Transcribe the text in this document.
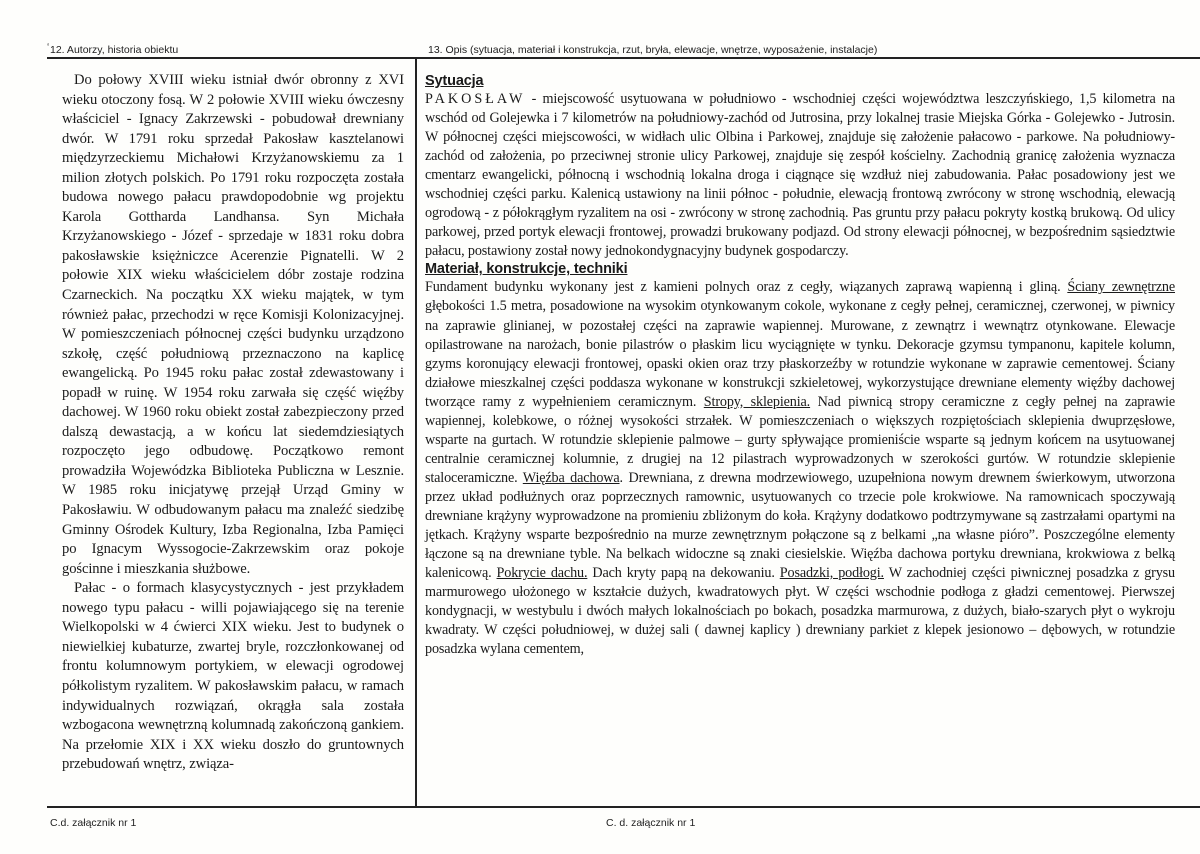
‘ 12. Autorzy, historia obiektu	13. Opis (sytuacja, materiał i konstrukcja, rzut, bryła, elewacje, wnętrze, wyposażenie, instalacje)

Do połowy XVIII wieku istniał dwór obronny z XVI wieku otoczony fosą. W 2 połowie XVIII wieku ówczesny właściciel - Ignacy Zakrzewski - pobudował drewniany dwór. W 1791 roku sprzedał Pakosław kasztelanowi międzyrzeckiemu Michałowi Krzyżanowskiemu za 1 milion złotych polskich. Po 1791 roku rozpoczęta została budowa nowego pałacu prawdopodobnie wg projektu Karola Gottharda Landhansa. Syn Michała Krzyżanowskiego - Józef - sprzedaje w 1831 roku dobra pakosławskie księżniczce Acerenzie Pignatelli. W 2 połowie XIX wieku właścicielem dóbr zostaje rodzina Czarneckich. Na początku XX wieku majątek, w tym również pałac, przechodzi w ręce Komisji Kolonizacyjnej. W pomieszczeniach północnej części budynku urządzono szkołę, część południową przeznaczono na kaplicę ewangelicką. Po 1945 roku pałac został zdewastowany i popadł w ruinę. W 1954 roku zarwała się część więźby dachowej. W 1960 roku obiekt został zabezpieczony przed dalszą dewastacją, a w końcu lat siedemdziesiątych rozpoczęto jego odbudowę. Początkowo remont prowadziła Wojewódzka Biblioteka Publiczna w Lesznie. W 1985 roku inicjatywę przejął Urząd Gminy w Pakosławiu. W odbudowanym pałacu ma znaleźć siedzibę Gminny Ośrodek Kultury, Izba Regionalna, Izba Pamięci po Ignacym Wyssogocie-Zakrzewskim oraz pokoje gościnne i mieszkania służbowe.

Pałac - o formach klasycystycznych - jest przykładem nowego typu pałacu - willi pojawiającego się na terenie Wielkopolski w 4 ćwierci XIX wieku. Jest to budynek o niewielkiej kubaturze, zwartej bryle, rozczłonkowanej od frontu kolumnowym portykiem, w elewacji ogrodowej półkolistym ryzalitem. W pakosławskim pałacu, w ramach indywidualnych rozwiązań, okrągła sala została wzbogacona wewnętrzną kolumnadą zakończoną gankiem. Na przełomie XIX i XX wieku doszło do gruntownych przebudowań wnętrz, związa-

Sytuacja

PAKOSŁAW - miejscowość usytuowana w południowo - wschodniej części województwa leszczyńskiego, 1,5 kilometra na wschód od Golejewka i 7 kilometrów na południowy-zachód od Jutrosina, przy lokalnej trasie Miejska Górka - Golejewko - Jutrosin. W północnej części miejscowości, w widłach ulic Olbina i Parkowej, znajduje się założenie pałacowo - parkowe. Na południowy-zachód od założenia, po przeciwnej stronie ulicy Parkowej, znajduje się zespół kościelny. Zachodnią granicę założenia wyznacza cmentarz ewangelicki, północną i wschodnią lokalna droga i ciągnące się wzdłuż niej zabudowania. Pałac posadowiony jest we wschodniej części parku. Kalenicą ustawiony na linii północ - południe, elewacją frontową zwrócony w stronę wschodnią, elewacją ogrodową - z półokrągłym ryzalitem na osi - zwrócony w stronę zachodnią. Pas gruntu przy pałacu pokryty kostką brukową. Od ulicy parkowej, przed portyk elewacji frontowej, prowadzi brukowany podjazd. Od strony elewacji północnej, w bezpośrednim sąsiedztwie pałacu, postawiony został nowy jednokondygnacyjny budynek gospodarczy.

Materiał, konstrukcje, techniki

Fundament budynku wykonany jest z kamieni polnych oraz z cegły, wiązanych zaprawą wapienną i gliną. Ściany zewnętrzne głębokości 1.5 metra, posadowione na wysokim otynkowanym cokole, wykonane z cegły pełnej, ceramicznej, czerwonej, w piwnicy na zaprawie glinianej, w pozostałej części na zaprawie wapiennej. Murowane, z zewnątrz i wewnątrz otynkowane. Elewacje opilastrowane na narożach, bonie pilastrów o płaskim licu wyciągnięte w tynku. Dekoracje gzymsu tympanonu, kapitele kolumn, gzyms koronujący elewacji frontowej, opaski okien oraz trzy płaskorzeźby w rotundzie wykonane w zaprawie cementowej. Ściany działowe mieszkalnej części poddasza wykonane w konstrukcji szkieletowej, wykorzystujące drewniane elementy więźby dachowej tworzące ramy z wypełnieniem ceramicznym. Stropy, sklepienia. Nad piwnicą stropy ceramiczne z cegły pełnej na zaprawie wapiennej, kolebkowe, o różnej wysokości strzałek. W pomieszczeniach o większych rozpiętościach sklepienia dwuprzęsłowe, wsparte na gurtach. W rotundzie sklepienie palmowe – gurty spływające promieniście wsparte są jednym końcem na usytuowanej centralnie ceramicznej kolumnie, z drugiej na 12 pilastrach wyprowadzonych w szerokości gurtów. W rotundzie sklepienie staloceramiczne. Więźba dachowa. Drewniana, z drewna modrzewiowego, uzupełniona nowym drewnem świerkowym, utworzona przez układ podłużnych oraz poprzecznych ramownic, usytuowanych co trzecie pole krokwiowe. Na ramownicach spoczywają drewniane krążyny wyprowadzone na promieniu zbliżonym do koła. Krążyny dodatkowo podtrzymywane są zastrzałami opartymi na jętkach. Krążyny wsparte bezpośrednio na murze zewnętrznym połączone są z belkami „na własne pióro”. Poszczególne elementy łączone są na drewniane tyble. Na belkach widoczne są znaki ciesielskie. Więźba dachowa portyku drewniana, krokwiowa z belką kalenicową. Pokrycie dachu. Dach kryty papą na dekowaniu. Posadzki, podłogi. W zachodniej części piwnicznej posadzka z grysu marmurowego ułożonego w kształcie dużych, kwadratowych płyt. W części wschodnie podłoga z gładzi cementowej. Pierwszej kondygnacji, w westybulu i dwóch małych lokalnościach po bokach, posadzka marmurowa, z dużych, biało-szarych płyt o wykroju kwadraty. W części południowej, w dużej sali ( dawnej kaplicy ) drewniany parkiet z klepek jesionowo – dębowych, w rotundzie posadzka wylana cementem,

C.d. załącznik nr 1	C. d. załącznik nr 1
